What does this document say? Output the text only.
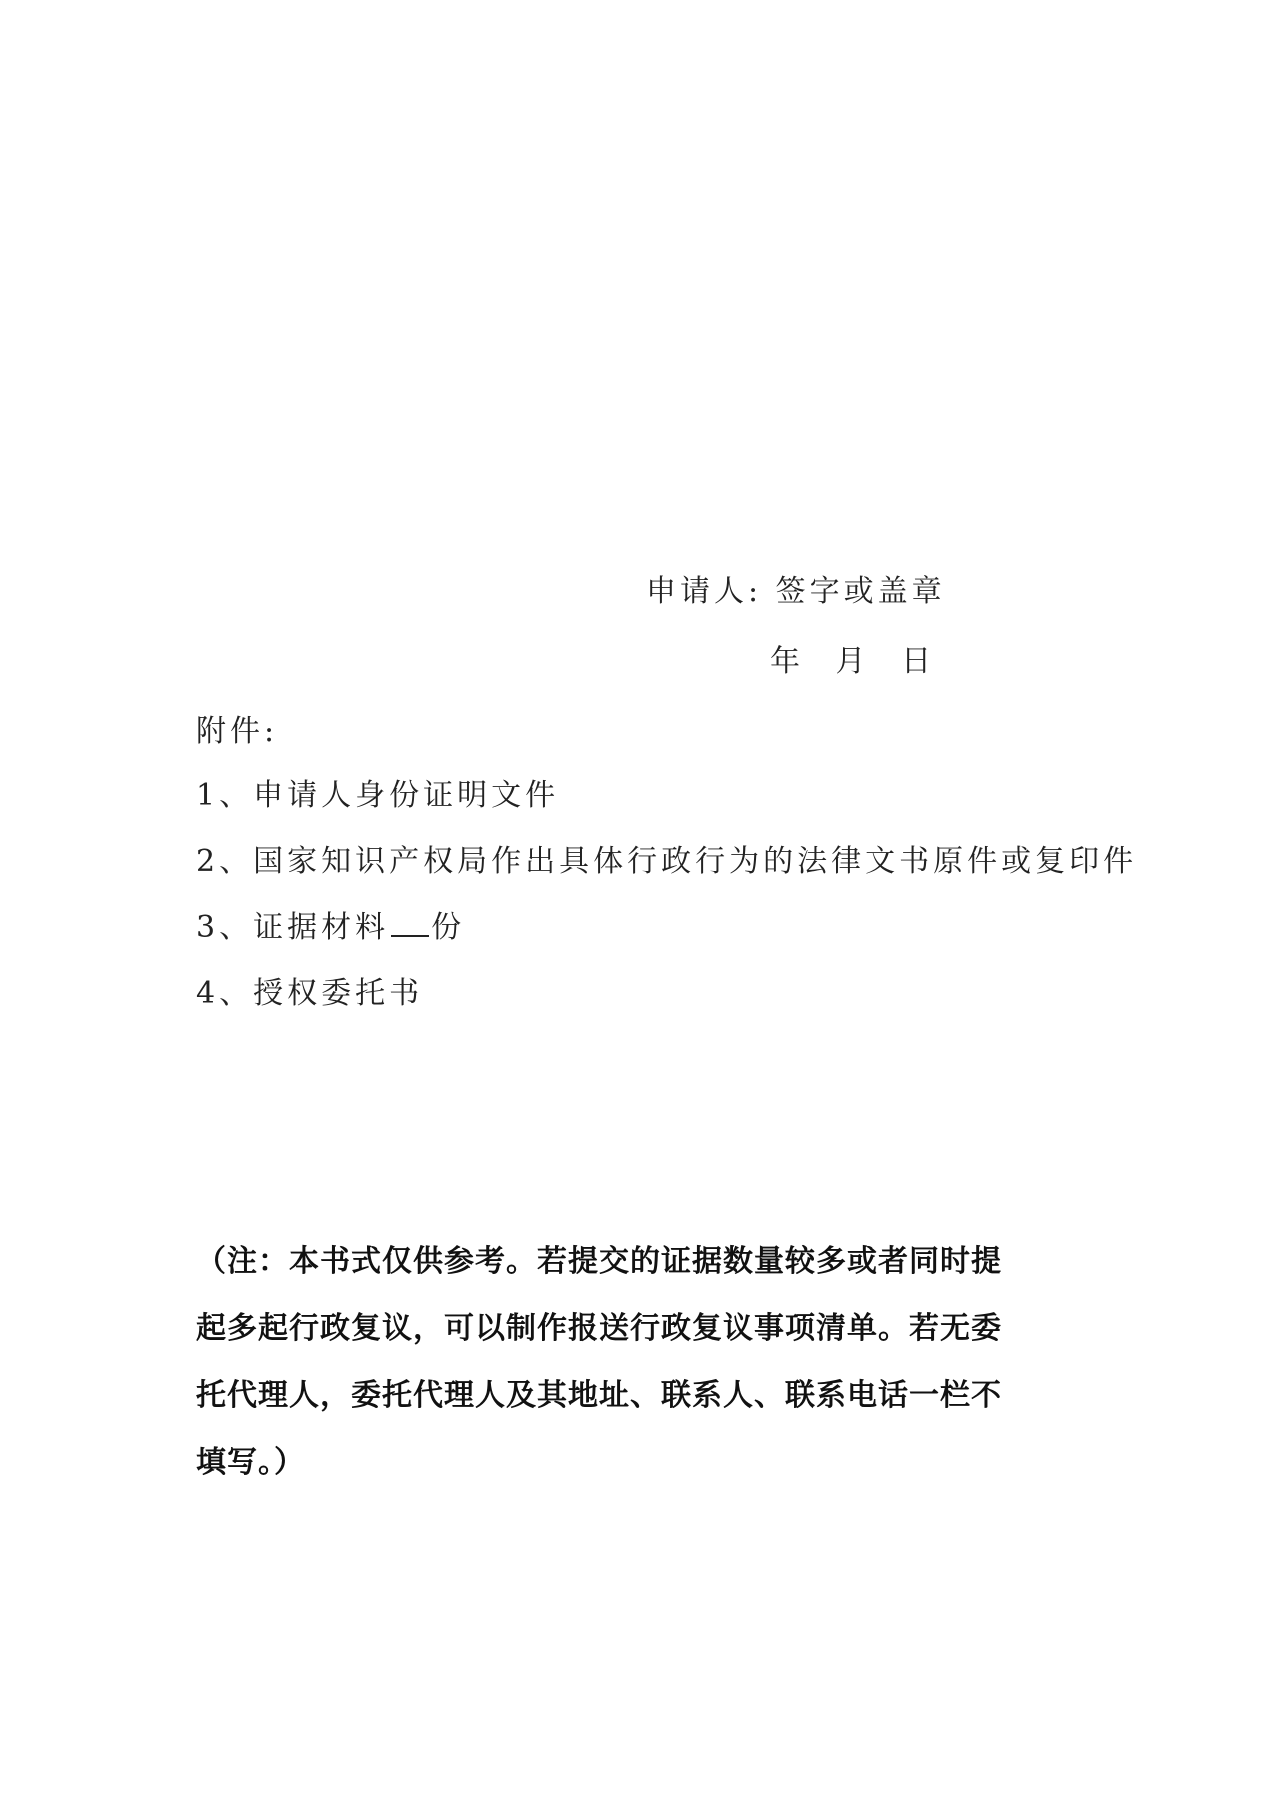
申请人: 签字或盖章
年 月 日
附件:
1、申请人身份证明文件
2、国家知识产权局作出具体行政行为的法律文书原件或复印件
3、证据材料 份
4、授权委托书
（注：本书式仅供参考。若提交的证据数量较多或者同时提
起多起行政复议，可以制作报送行政复议事项清单。若无委
托代理人，委托代理人及其地址、联系人、联系电话一栏不
填写。）
